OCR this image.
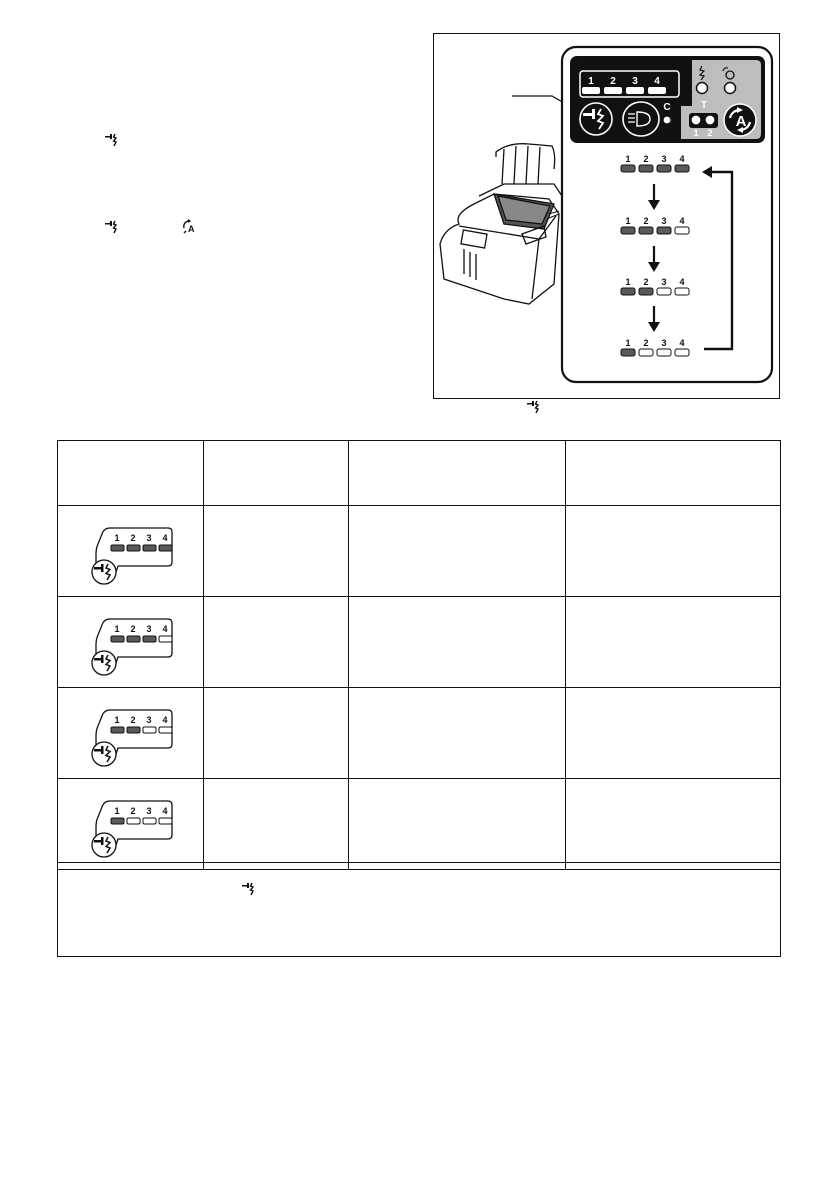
A
1 2 3 4
1 2 3 4
1 2 3 4
1 2 3 4
1 2 3 4
C	T
1 2
A

1 2 3 4			

1 2 3 4			

1 2 3 4			

1 2 3 4			
